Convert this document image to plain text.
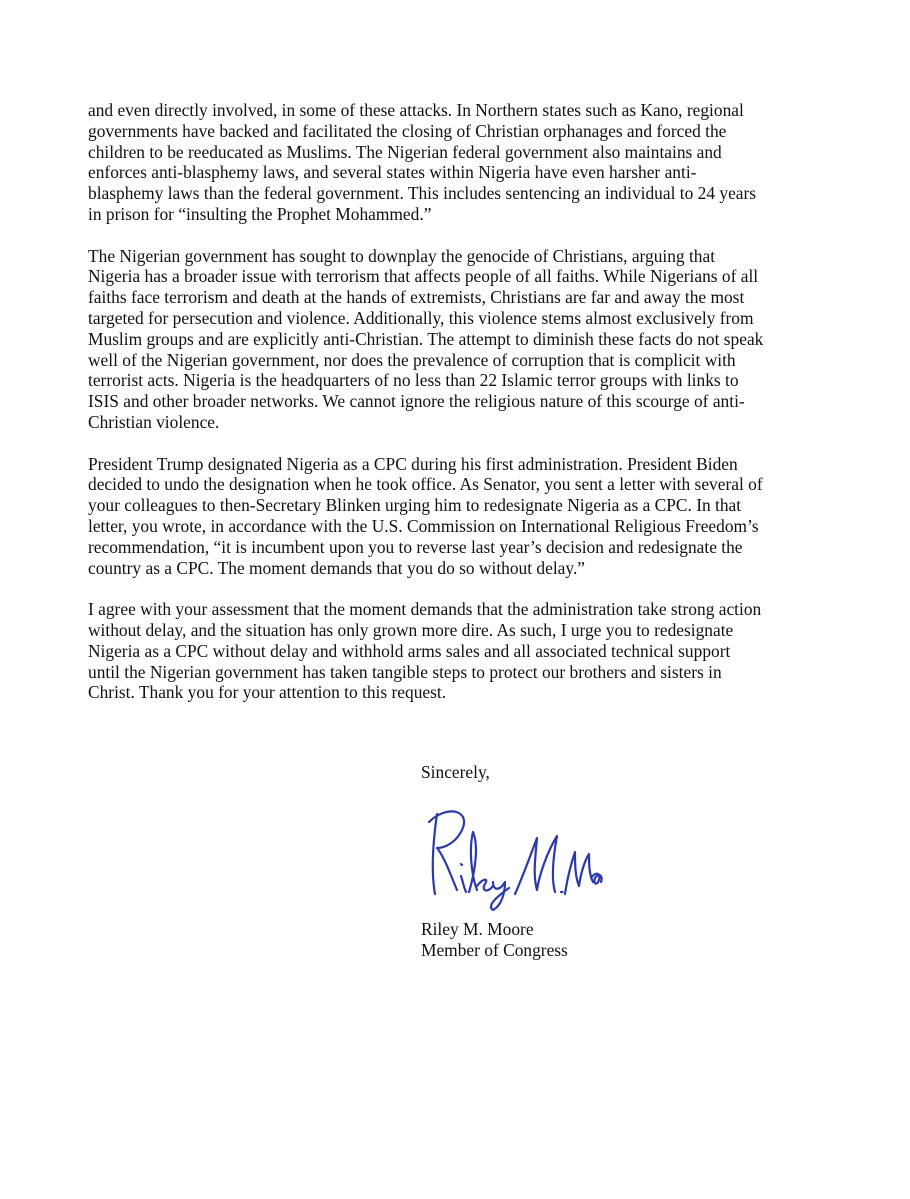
and even directly involved, in some of these attacks. In Northern states such as Kano, regional
governments have backed and facilitated the closing of Christian orphanages and forced the
children to be reeducated as Muslims. The Nigerian federal government also maintains and
enforces anti-blasphemy laws, and several states within Nigeria have even harsher anti-
blasphemy laws than the federal government. This includes sentencing an individual to 24 years
in prison for “insulting the Prophet Mohammed.”

The Nigerian government has sought to downplay the genocide of Christians, arguing that
Nigeria has a broader issue with terrorism that affects people of all faiths. While Nigerians of all
faiths face terrorism and death at the hands of extremists, Christians are far and away the most
targeted for persecution and violence. Additionally, this violence stems almost exclusively from
Muslim groups and are explicitly anti-Christian. The attempt to diminish these facts do not speak
well of the Nigerian government, nor does the prevalence of corruption that is complicit with
terrorist acts. Nigeria is the headquarters of no less than 22 Islamic terror groups with links to
ISIS and other broader networks. We cannot ignore the religious nature of this scourge of anti-
Christian violence.

President Trump designated Nigeria as a CPC during his first administration. President Biden
decided to undo the designation when he took office. As Senator, you sent a letter with several of
your colleagues to then-Secretary Blinken urging him to redesignate Nigeria as a CPC. In that
letter, you wrote, in accordance with the U.S. Commission on International Religious Freedom’s
recommendation, “it is incumbent upon you to reverse last year’s decision and redesignate the
country as a CPC. The moment demands that you do so without delay.”

I agree with your assessment that the moment demands that the administration take strong action
without delay, and the situation has only grown more dire. As such, I urge you to redesignate
Nigeria as a CPC without delay and withhold arms sales and all associated technical support
until the Nigerian government has taken tangible steps to protect our brothers and sisters in
Christ. Thank you for your attention to this request.

Sincerely,
Riley M. Moore
Member of Congress
